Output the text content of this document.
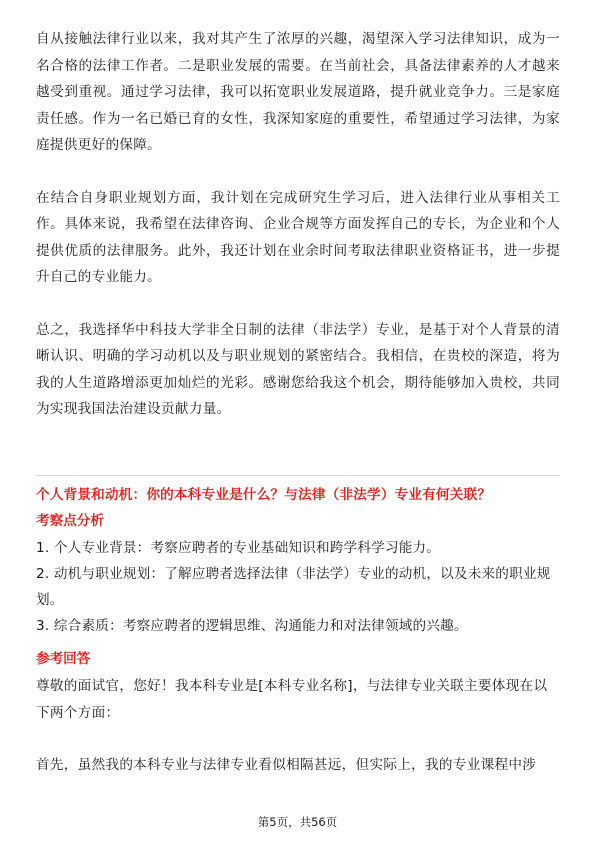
自从接触法律行业以来，我对其产生了浓厚的兴趣，渴望深入学习法律知识，成为一名合格的法律工作者。二是职业发展的需要。在当前社会，具备法律素养的人才越来越受到重视。通过学习法律，我可以拓宽职业发展道路，提升就业竞争力。三是家庭责任感。作为一名已婚已育的女性，我深知家庭的重要性，希望通过学习法律，为家庭提供更好的保障。

在结合自身职业规划方面，我计划在完成研究生学习后，进入法律行业从事相关工作。具体来说，我希望在法律咨询、企业合规等方面发挥自己的专长，为企业和个人提供优质的法律服务。此外，我还计划在业余时间考取法律职业资格证书，进一步提升自己的专业能力。

总之，我选择华中科技大学非全日制的法律（非法学）专业，是基于对个人背景的清晰认识、明确的学习动机以及与职业规划的紧密结合。我相信，在贵校的深造，将为我的人生道路增添更加灿烂的光彩。感谢您给我这个机会，期待能够加入贵校，共同为实现我国法治建设贡献力量。

个人背景和动机：你的本科专业是什么？与法律（非法学）专业有何关联？

考察点分析

1. 个人专业背景：考察应聘者的专业基础知识和跨学科学习能力。

2. 动机与职业规划：了解应聘者选择法律（非法学）专业的动机，以及未来的职业规划。

3. 综合素质：考察应聘者的逻辑思维、沟通能力和对法律领域的兴趣。

参考回答

尊敬的面试官，您好！我本科专业是[本科专业名称]，与法律专业关联主要体现在以下两个方面：

首先，虽然我的本科专业与法律专业看似相隔甚远，但实际上，我的专业课程中涉

第5页，共56页
